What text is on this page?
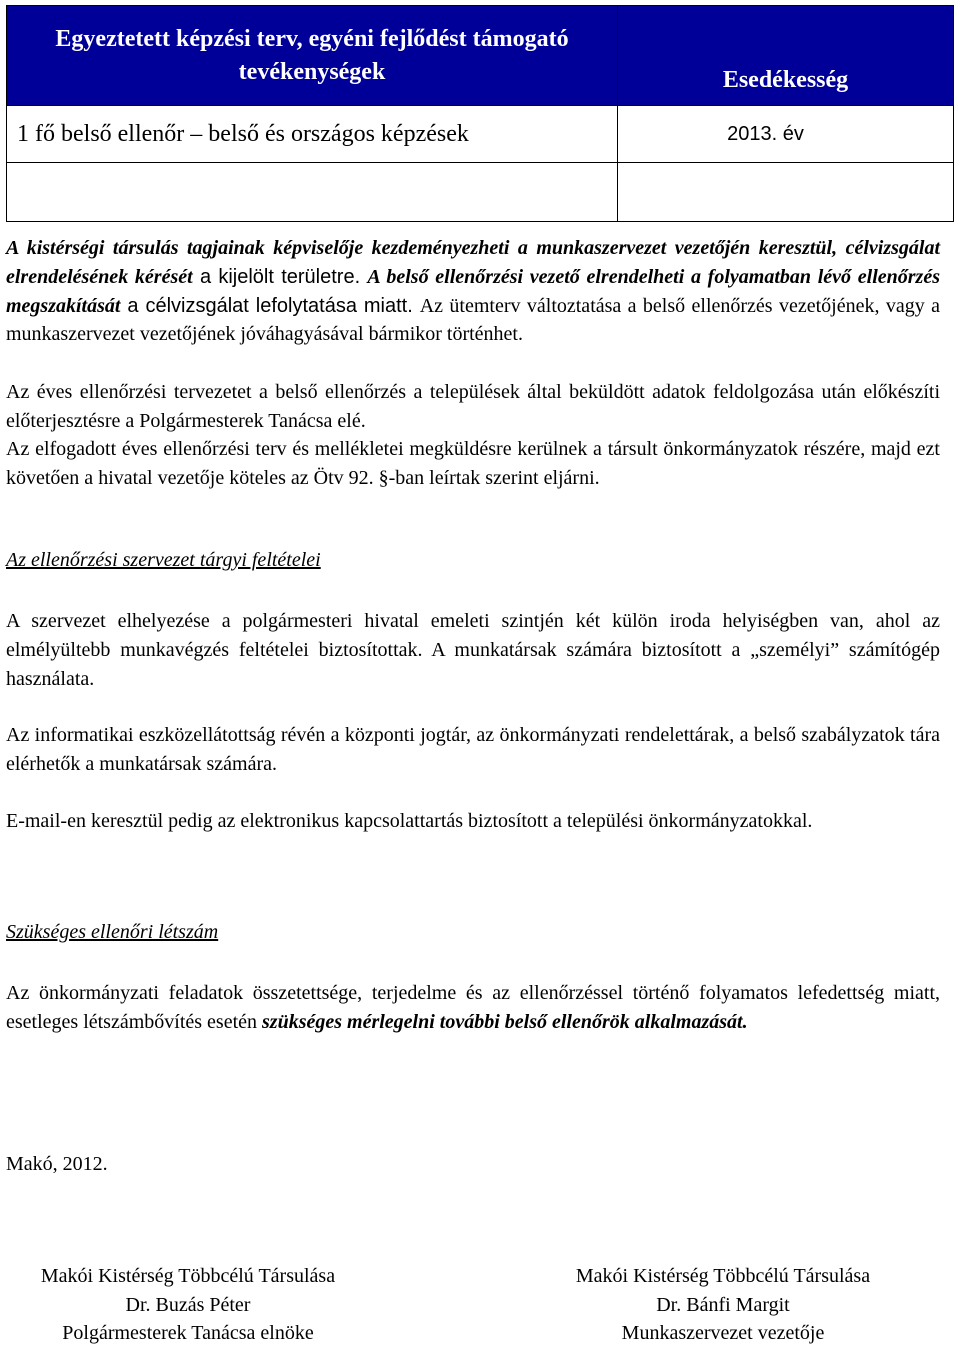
Egyeztetett képzési terv, egyéni fejlődést támogató tevékenységek	Esedékesség
1 fő belső ellenőr – belső és országos képzések	2013. év

A kistérségi társulás tagjainak képviselője kezdeményezheti a munkaszervezet vezetőjén keresztül, célvizsgálat elrendelésének kérését a kijelölt területre. A belső ellenőrzési vezető elrendelheti a folyamatban lévő ellenőrzés megszakítását a célvizsgálat lefolytatása miatt. Az ütemterv változtatása a belső ellenőrzés vezetőjének, vagy a munkaszervezet vezetőjének jóváhagyásával bármikor történhet.

Az éves ellenőrzési tervezetet a belső ellenőrzés a települések által beküldött adatok feldolgozása után előkészíti előterjesztésre a Polgármesterek Tanácsa elé.

Az elfogadott éves ellenőrzési terv és mellékletei megküldésre kerülnek a társult önkormányzatok részére, majd ezt követően a hivatal vezetője köteles az Ötv 92. §-ban leírtak szerint eljárni.

Az ellenőrzési szervezet tárgyi feltételei

A szervezet elhelyezése a polgármesteri hivatal emeleti szintjén két külön iroda helyiségben van, ahol az elmélyültebb munkavégzés feltételei biztosítottak. A munkatársak számára biztosított a „személyi” számítógép használata.

Az informatikai eszközellátottság révén a központi jogtár, az önkormányzati rendelettárak, a belső szabályzatok tára elérhetők a munkatársak számára.

E-mail-en keresztül pedig az elektronikus kapcsolattartás biztosított a települési önkormányzatokkal.

Szükséges ellenőri létszám

Az önkormányzati feladatok összetettsége, terjedelme és az ellenőrzéssel történő folyamatos lefedettség miatt, esetleges létszámbővítés esetén szükséges mérlegelni további belső ellenőrök alkalmazását.

Makó, 2012.

Makói Kistérség Többcélú Társulása
Dr. Buzás Péter
Polgármesterek Tanácsa elnöke
Makói Kistérség Többcélú Társulása
Dr. Bánfi Margit
Munkaszervezet vezetője
